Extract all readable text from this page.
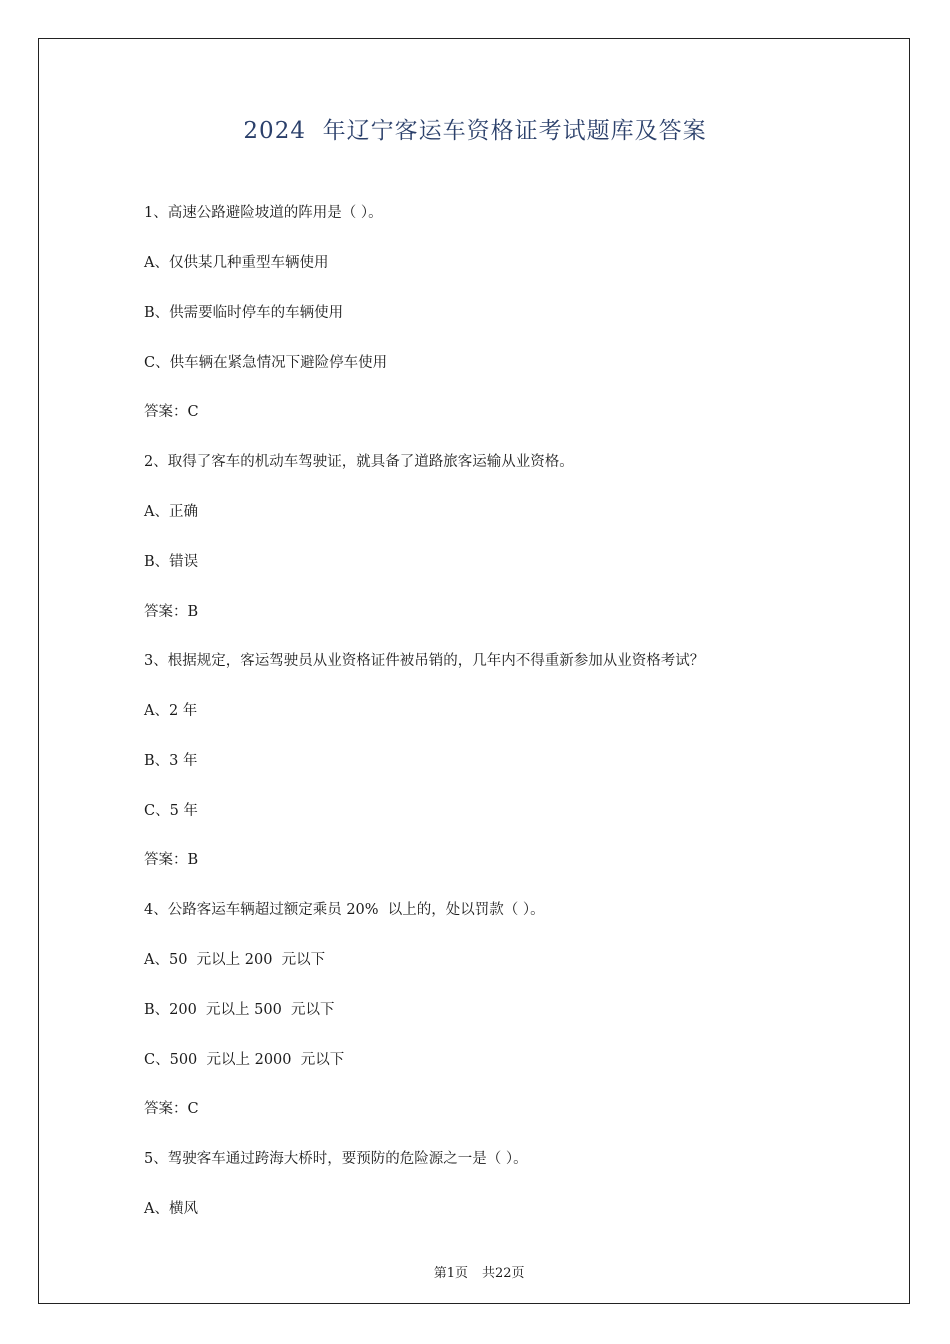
2024  年辽宁客运车资格证考试题库及答案
1、高速公路避险坡道的阵用是（ ）。
A、仅供某几种重型车辆使用
B、供需要临时停车的车辆使用
C、供车辆在紧急情况下避险停车使用
答案：C
2、取得了客车的机动车驾驶证，就具备了道路旅客运输从业资格。
A、正确
B、错误
答案：B
3、根据规定，客运驾驶员从业资格证件被吊销的，几年内不得重新参加从业资格考试？
A、2 年
B、3 年
C、5 年
答案：B
4、公路客运车辆超过额定乘员 20%  以上的，处以罚款（ ）。
A、50  元以上 200  元以下
B、200  元以上 500  元以下
C、500  元以上 2000  元以下
答案：C
5、驾驶客车通过跨海大桥时，要预防的危险源之一是（ ）。
A、横风

第1页 共22页
